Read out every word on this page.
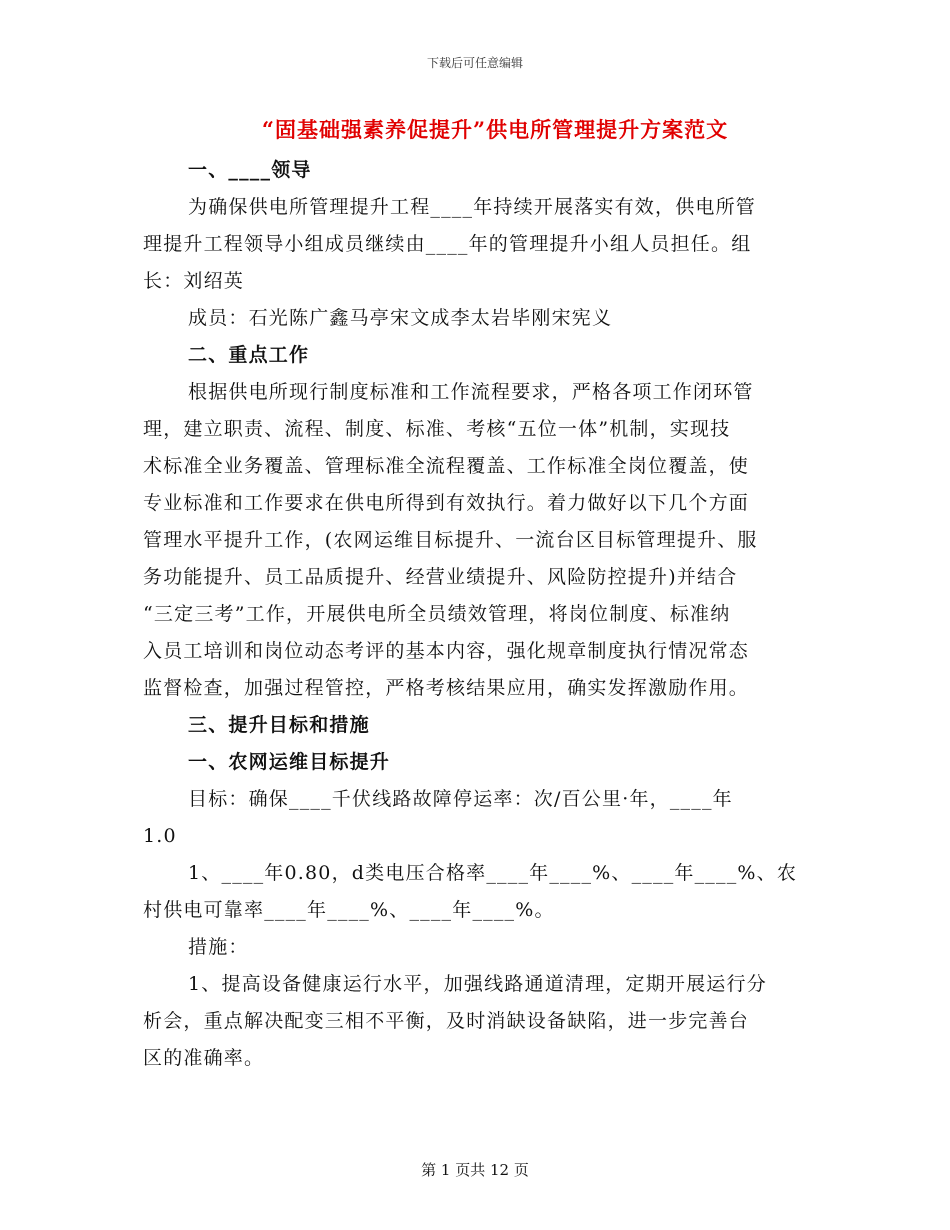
下载后可任意编辑
“固基础强素养促提升”供电所管理提升方案范文
一、____领导
为确保供电所管理提升工程____年持续开展落实有效，供电所管
理提升工程领导小组成员继续由____年的管理提升小组人员担任。组
长：刘绍英
成员：石光陈广鑫马亭宋文成李太岩毕刚宋宪义
二、重点工作
根据供电所现行制度标准和工作流程要求，严格各项工作闭环管
理，建立职责、流程、制度、标准、考核“五位一体”机制，实现技
术标准全业务覆盖、管理标准全流程覆盖、工作标准全岗位覆盖，使
专业标准和工作要求在供电所得到有效执行。着力做好以下几个方面
管理水平提升工作，(农网运维目标提升、一流台区目标管理提升、服
务功能提升、员工品质提升、经营业绩提升、风险防控提升)并结合
“三定三考”工作，开展供电所全员绩效管理，将岗位制度、标准纳
入员工培训和岗位动态考评的基本内容，强化规章制度执行情况常态
监督检查，加强过程管控，严格考核结果应用，确实发挥激励作用。
三、提升目标和措施
一、农网运维目标提升
目标：确保____千伏线路故障停运率：次/百公里·年，____年
1.0
1、____年0.80，d类电压合格率____年____%、____年____%、农
村供电可靠率____年____%、____年____%。
措施：
1、提高设备健康运行水平，加强线路通道清理，定期开展运行分
析会，重点解决配变三相不平衡，及时消缺设备缺陷，进一步完善台
区的准确率。
第 1 页共 12 页
